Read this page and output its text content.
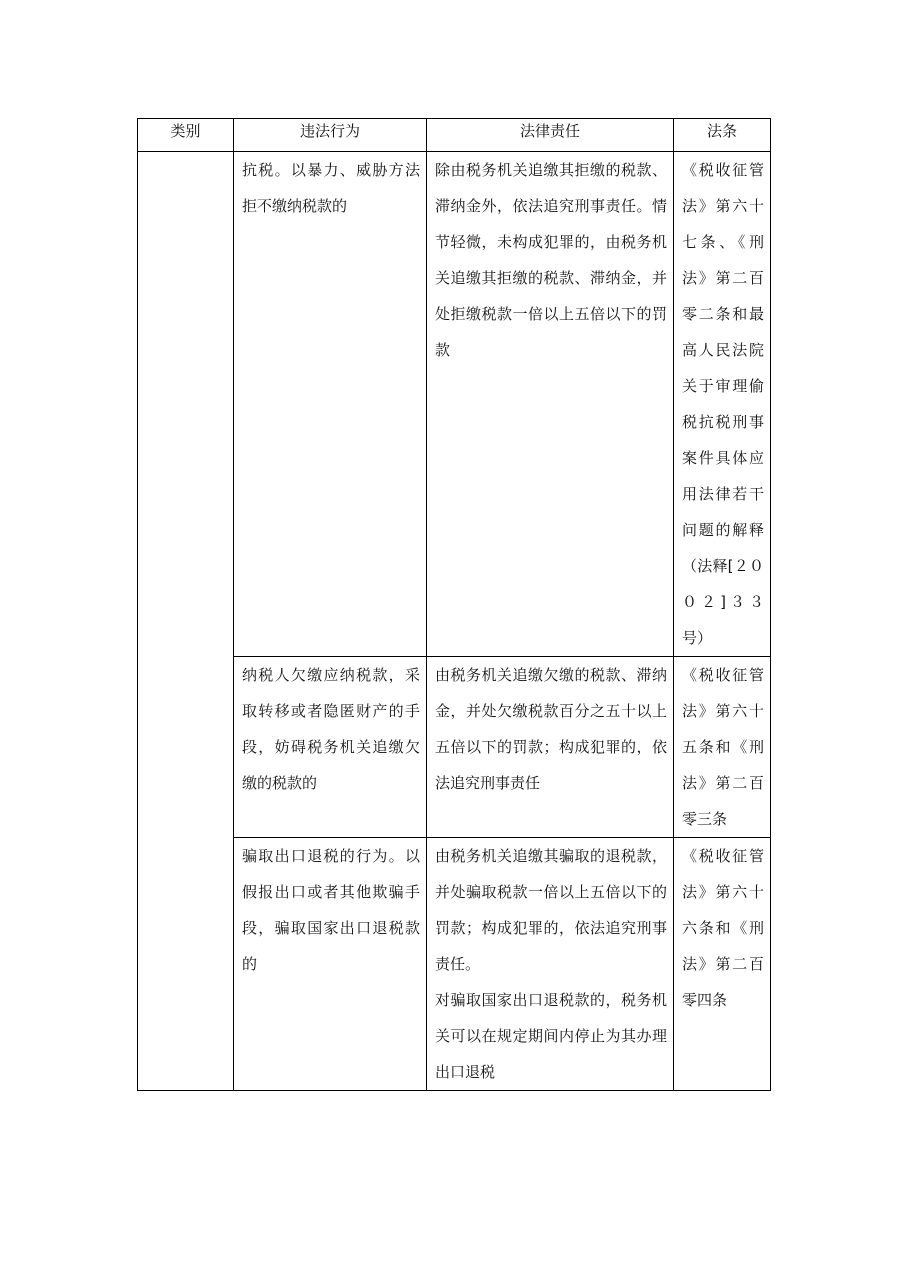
类别	违法行为	法律责任	法条

	抗税。以暴力、威胁方法拒不缴纳税款的	除由税务机关追缴其拒缴的税款、滞纳金外，依法追究刑事责任。情节轻微，未构成犯罪的，由税务机关追缴其拒缴的税款、滞纳金，并处拒缴税款一倍以上五倍以下的罚款	《税收征管法》第六十七条、《刑法》第二百零二条和最高人民法院关于审理偷税抗税刑事案件具体应用法律若干问题的解释（法释[２００２]３３号）

	纳税人欠缴应纳税款，采取转移或者隐匿财产的手段，妨碍税务机关追缴欠缴的税款的	由税务机关追缴欠缴的税款、滞纳金，并处欠缴税款百分之五十以上五倍以下的罚款；构成犯罪的，依法追究刑事责任	《税收征管法》第六十五条和《刑法》第二百零三条

	骗取出口退税的行为。以假报出口或者其他欺骗手段，骗取国家出口退税款的	由税务机关追缴其骗取的退税款，并处骗取税款一倍以上五倍以下的罚款；构成犯罪的，依法追究刑事责任。
对骗取国家出口退税款的，税务机关可以在规定期间内停止为其办理出口退税	《税收征管法》第六十六条和《刑法》第二百零四条
